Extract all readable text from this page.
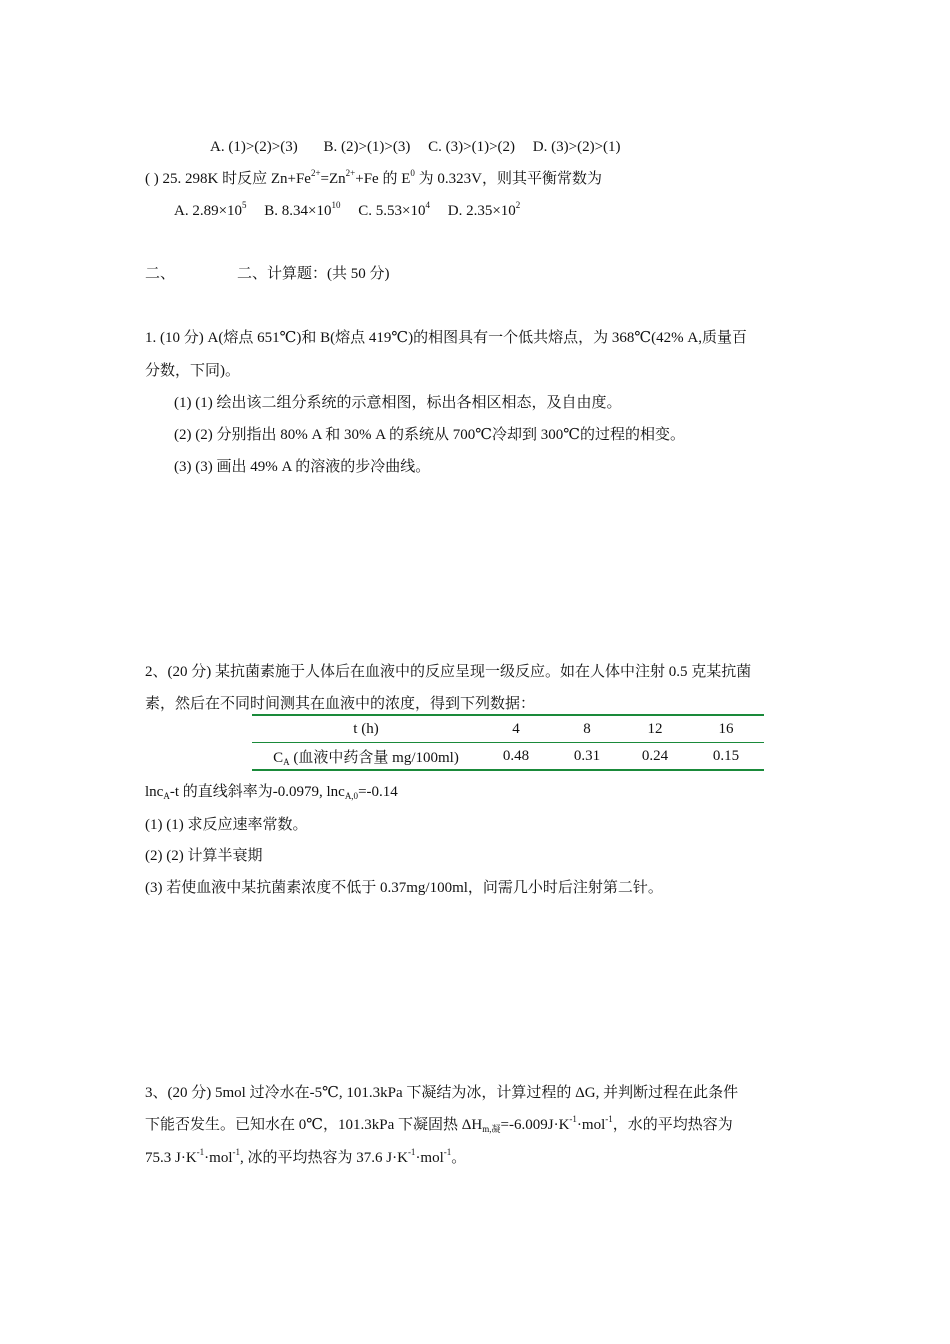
A. (1)>(2)>(3) B. (2)>(1)>(3) C. (3)>(1)>(2) D. (3)>(2)>(1)
( ) 25. 298K 时反应 $Zn+Fe^{2+}=Zn^{2+}+Fe$ 的 $E^0$ 为 0.323V，则其平衡常数为
A. $2.89\times 10^5$ B. $8.34\times 10^{10}$ C. $5.53\times 10^4$ D. $2.35\times 10^2$
二、	二、计算题：(共 50 分)
1. (10 分) A(熔点 651℃)和 B(熔点 419℃)的相图具有一个低共熔点，为 368℃(42% A,质量百
分数，下同)。
(1) (1) 绘出该二组分系统的示意相图，标出各相区相态，及自由度。
(2) (2) 分别指出 80% A 和 30% A 的系统从 700℃冷却到 300℃的过程的相变。
(3) (3) 画出 49% A 的溶液的步冷曲线。
2、(20 分) 某抗菌素施于人体后在血液中的反应呈现一级反应。如在人体中注射 0.5 克某抗菌
素，然后在不同时间测其在血液中的浓度，得到下列数据：
t (h)	4	8	12	16
$C_A$ (血液中药含量 mg/100ml)	0.48	0.31	0.24	0.15
lnc$_A$-t 的直线斜率为-0.0979, lnc$_{A,0}$=-0.14
(1) (1) 求反应速率常数。
(2) (2) 计算半衰期
(3) 若使血液中某抗菌素浓度不低于 0.37mg/100ml，问需几小时后注射第二针。
3、(20 分) 5mol 过冷水在-5℃, 101.3kPa 下凝结为冰，计算过程的 ΔG, 并判断过程在此条件
下能否发生。已知水在 0℃，101.3kPa 下凝固热 $\Delta H_{m,凝}=-6.009J\cdot K^{-1}\cdot mol^{-1}$，水的平均热容为
75.3 $J\cdot K^{-1}\cdot mol^{-1}$, 冰的平均热容为 37.6 $J\cdot K^{-1}\cdot mol^{-1}$。
